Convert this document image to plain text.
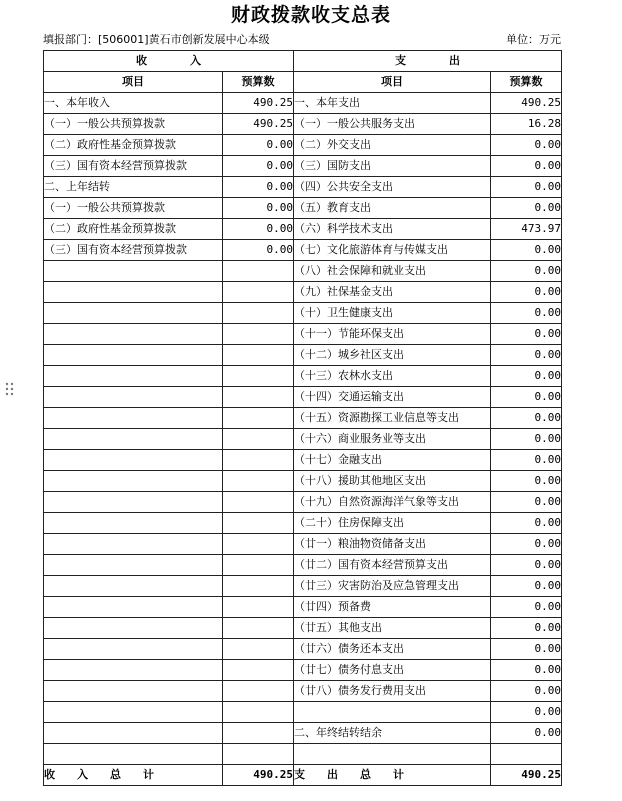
财政拨款收支总表
填报部门：[506001]黄石市创新发展中心本级	单位：万元
收　　入		支　　出	
项目	预算数	项目	预算数
一、本年收入	490.25	一、本年支出	490.25
（一）一般公共预算拨款	490.25	（一）一般公共服务支出	16.28
（二）政府性基金预算拨款	0.00	（二）外交支出	0.00
（三）国有资本经营预算拨款	0.00	（三）国防支出	0.00
二、上年结转	0.00	（四）公共安全支出	0.00
（一）一般公共预算拨款	0.00	（五）教育支出	0.00
（二）政府性基金预算拨款	0.00	（六）科学技术支出	473.97
（三）国有资本经营预算拨款	0.00	（七）文化旅游体育与传媒支出	0.00
		（八）社会保障和就业支出	0.00
		（九）社保基金支出	0.00
		（十）卫生健康支出	0.00
		（十一）节能环保支出	0.00
		（十二）城乡社区支出	0.00
		（十三）农林水支出	0.00
		（十四）交通运输支出	0.00
		（十五）资源勘探工业信息等支出	0.00
		（十六）商业服务业等支出	0.00
		（十七）金融支出	0.00
		（十八）援助其他地区支出	0.00
		（十九）自然资源海洋气象等支出	0.00
		（二十）住房保障支出	0.00
		（廿一）粮油物资储备支出	0.00
		（廿二）国有资本经营预算支出	0.00
		（廿三）灾害防治及应急管理支出	0.00
		（廿四）预备费	0.00
		（廿五）其他支出	0.00
		（廿六）债务还本支出	0.00
		（廿七）债务付息支出	0.00
		（廿八）债务发行费用支出	0.00
			0.00
		二、年终结转结余	0.00

收　入　总　计	490.25	支　出　总　计	490.25
